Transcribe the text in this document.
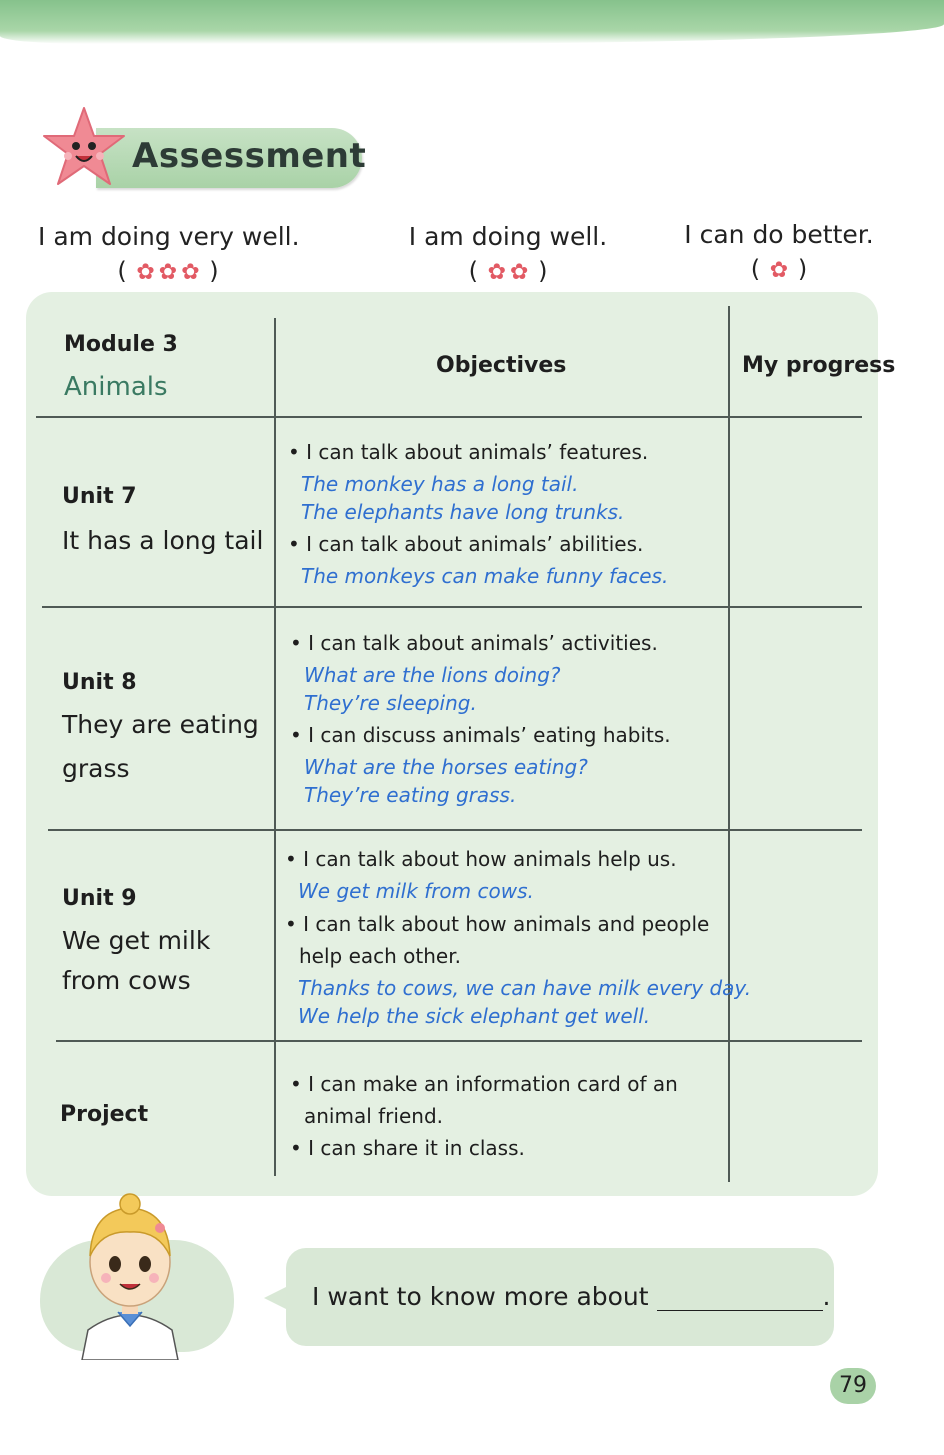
Assessment
I am doing very well.
( ✿ ✿ ✿ )
I am doing well.
( ✿ ✿ )
I can do better.
( ✿ )
Module 3
Animals
Objectives	My progress
Unit 7
It has a long tail
• I can talk about animals’ features.
The monkey has a long tail.
The elephants have long trunks.
• I can talk about animals’ abilities.
The monkeys can make funny faces.
Unit 8
They are eating
grass
• I can talk about animals’ activities.
What are the lions doing?
They’re sleeping.
• I can discuss animals’ eating habits.
What are the horses eating?
They’re eating grass.
Unit 9
We get milk
from cows
• I can talk about how animals help us.
We get milk from cows.
• I can talk about how animals and people
help each other.
Thanks to cows, we can have milk every day.
We help the sick elephant get well.
Project
• I can make an information card of an
animal friend.
• I can share it in class.
I want to know more about	.
79
